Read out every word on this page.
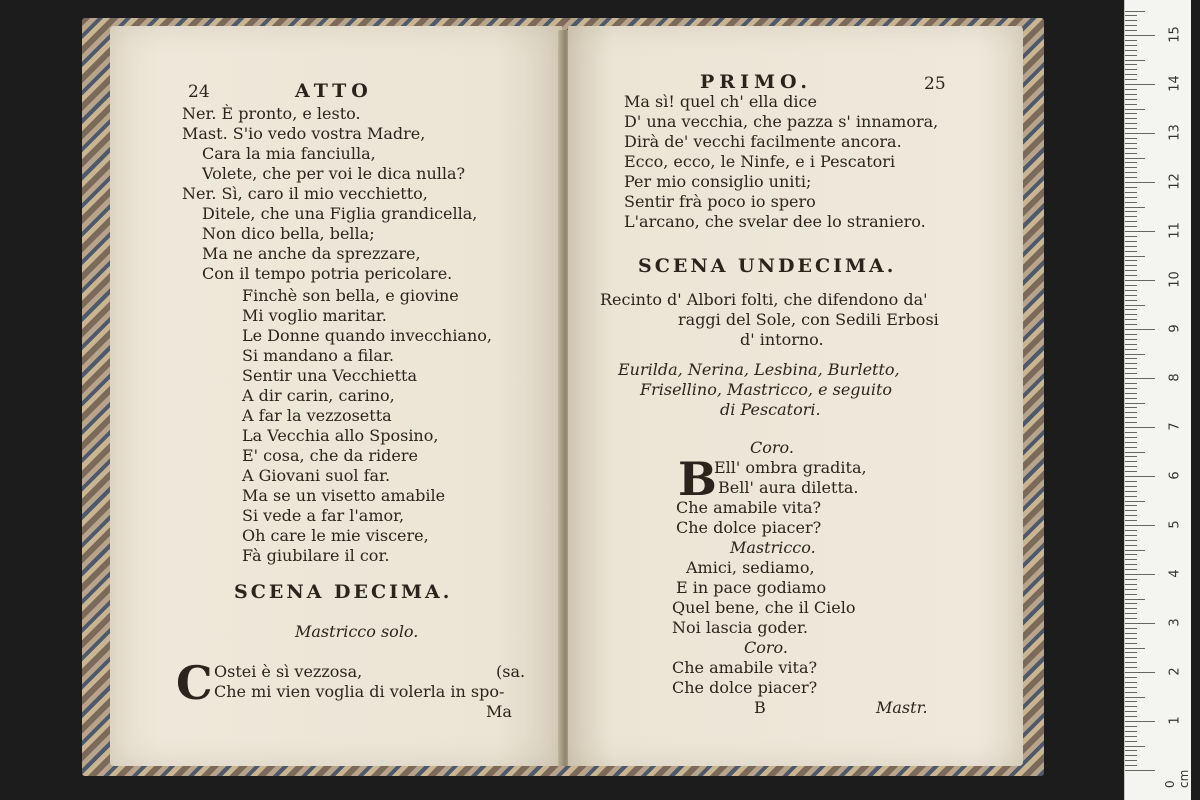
24	ATTO
Ner. È pronto, e lesto.
Mast. S'io vedo vostra Madre,
Cara la mia fanciulla,
Volete, che per voi le dica nulla?
Ner. Sì, caro il mio vecchietto,
Ditele, che una Figlia grandicella,
Non dico bella, bella;
Ma ne anche da sprezzare,
Con il tempo potria pericolare.
Finchè son bella, e giovine
Mi voglio maritar.
Le Donne quando invecchiano,
Si mandano a filar.
Sentir una Vecchietta
A dir carin, carino,
A far la vezzosetta
La Vecchia allo Sposino,
E' cosa, che da ridere
A Giovani suol far.
Ma se un visetto amabile
Si vede a far l'amor,
Oh care le mie viscere,
Fà giubilare il cor.
SCENA DECIMA.
Mastricco solo.
C Ostei è sì vezzosa,	(sa.
Che mi vien voglia di volerla in spo-
Ma
PRIMO.	25
Ma sì! quel ch' ella dice
D' una vecchia, che pazza s' innamora,
Dirà de' vecchi facilmente ancora.
Ecco, ecco, le Ninfe, e i Pescatori
Per mio consiglio uniti;
Sentir frà poco io spero
L'arcano, che svelar dee lo straniero.
SCENA UNDECIMA.
Recinto d' Albori folti, che difendono da'
raggi del Sole, con Sedili Erbosi
d' intorno.
Eurilda, Nerina, Lesbina, Burletto,
Frisellino, Mastricco, e seguito
di Pescatori.
Coro.
B
Ell' ombra gradita,
Bell' aura diletta.
Che amabile vita?
Che dolce piacer?
Mastricco.
Amici, sediamo,
E in pace godiamo
Quel bene, che il Cielo
Noi lascia goder.
Coro.
Che amabile vita?
Che dolce piacer?
B	Mastr.
0 cm
1
2
3
4
5
6
7
8
9
10
11
12
13
14
15
